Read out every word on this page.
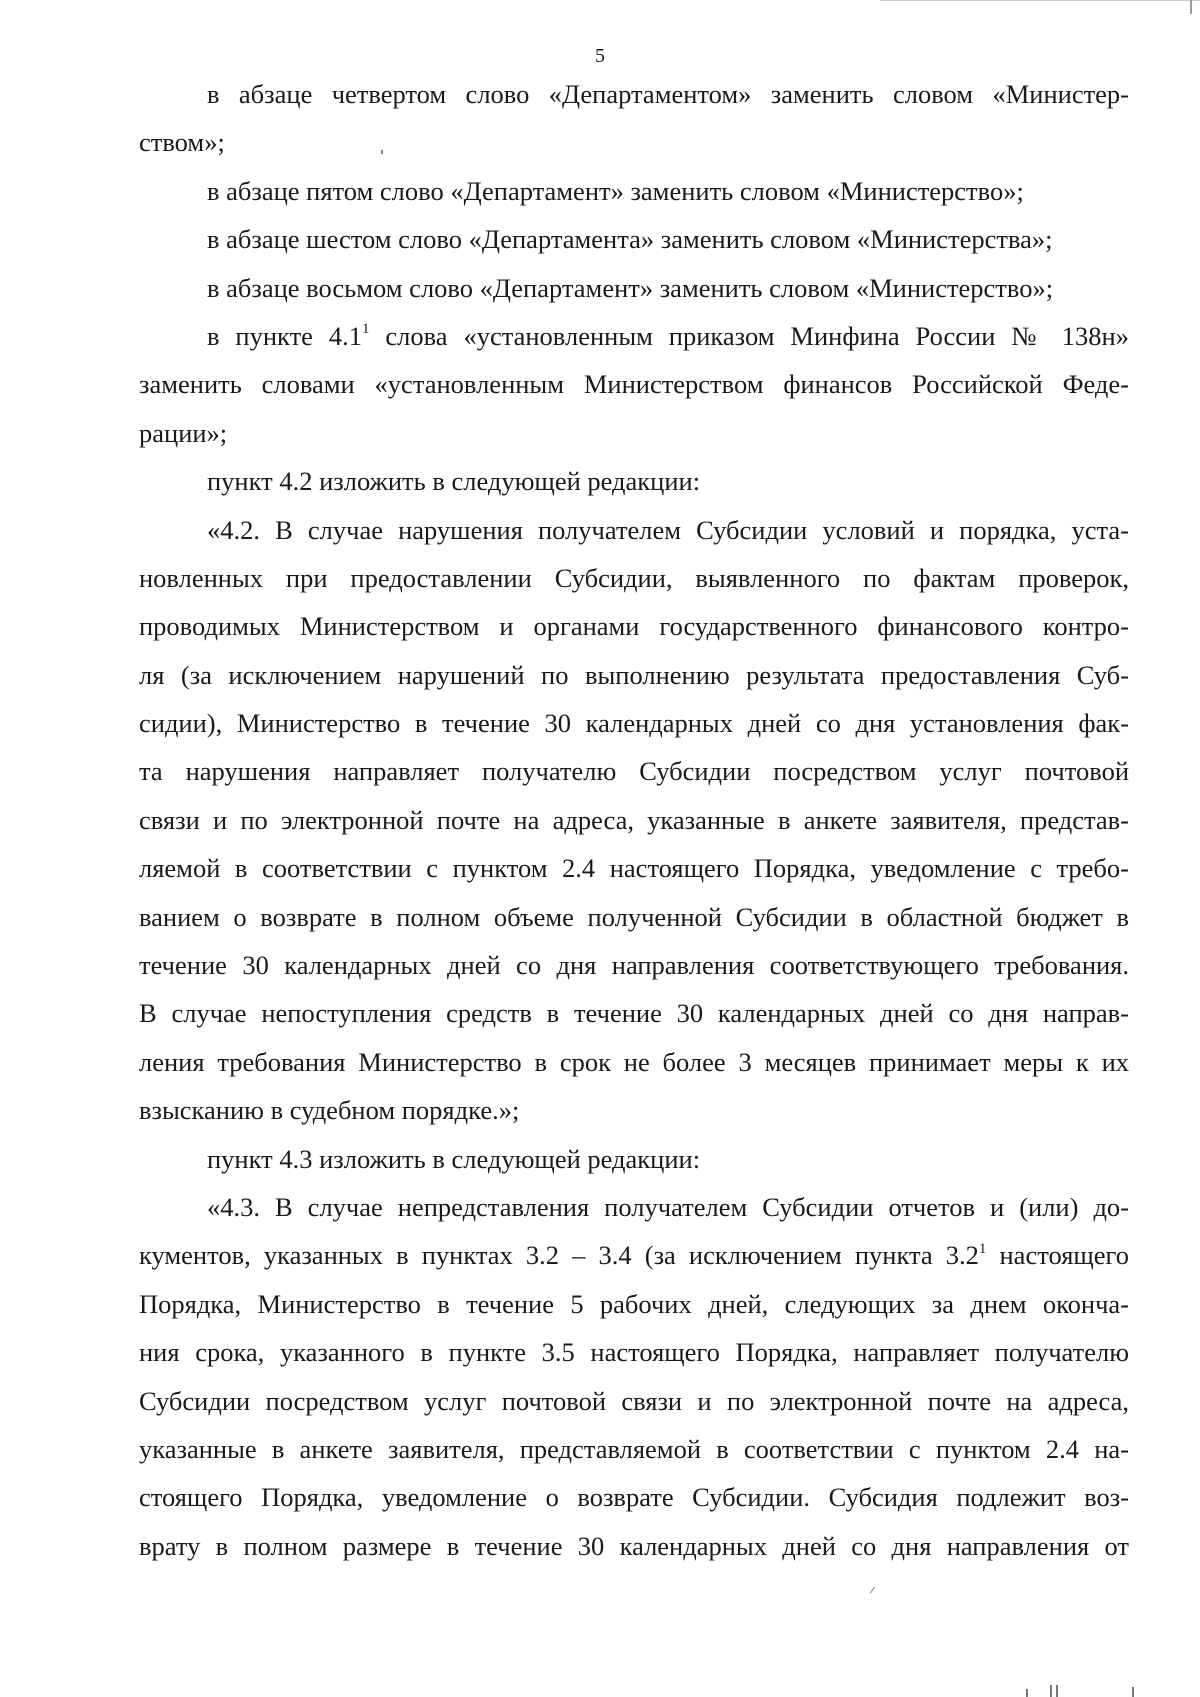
5
в абзаце четвертом слово «Департаментом» заменить словом «Министер-
ством»;
в абзаце пятом слово «Департамент» заменить словом «Министерство»;
в абзаце шестом слово «Департамента» заменить словом «Министерства»;
в абзаце восьмом слово «Департамент» заменить словом «Министерство»;
в пункте $4.1^1$ слова «установленным приказом Минфина России № 138н»
заменить словами «установленным Министерством финансов Российской Феде-
рации»;
пункт 4.2 изложить в следующей редакции:
«4.2. В случае нарушения получателем Субсидии условий и порядка, уста-
новленных при предоставлении Субсидии, выявленного по фактам проверок,
проводимых Министерством и органами государственного финансового контро-
ля (за исключением нарушений по выполнению результата предоставления Суб-
сидии), Министерство в течение 30 календарных дней со дня установления фак-
та нарушения направляет получателю Субсидии посредством услуг почтовой
связи и по электронной почте на адреса, указанные в анкете заявителя, представ-
ляемой в соответствии с пунктом 2.4 настоящего Порядка, уведомление с требо-
ванием о возврате в полном объеме полученной Субсидии в областной бюджет в
течение 30 календарных дней со дня направления соответствующего требования.
В случае непоступления средств в течение 30 календарных дней со дня направ-
ления требования Министерство в срок не более 3 месяцев принимает меры к их
взысканию в судебном порядке.»;
пункт 4.3 изложить в следующей редакции:
«4.3. В случае непредставления получателем Субсидии отчетов и (или) до-
кументов, указанных в пунктах 3.2 – 3.4 (за исключением пункта $3.2^1$ настоящего
Порядка, Министерство в течение 5 рабочих дней, следующих за днем оконча-
ния срока, указанного в пункте 3.5 настоящего Порядка, направляет получателю
Субсидии посредством услуг почтовой связи и по электронной почте на адреса,
указанные в анкете заявителя, представляемой в соответствии с пунктом 2.4 на-
стоящего Порядка, уведомление о возврате Субсидии. Субсидия подлежит воз-
врату в полном размере в течение 30 календарных дней со дня направления от
